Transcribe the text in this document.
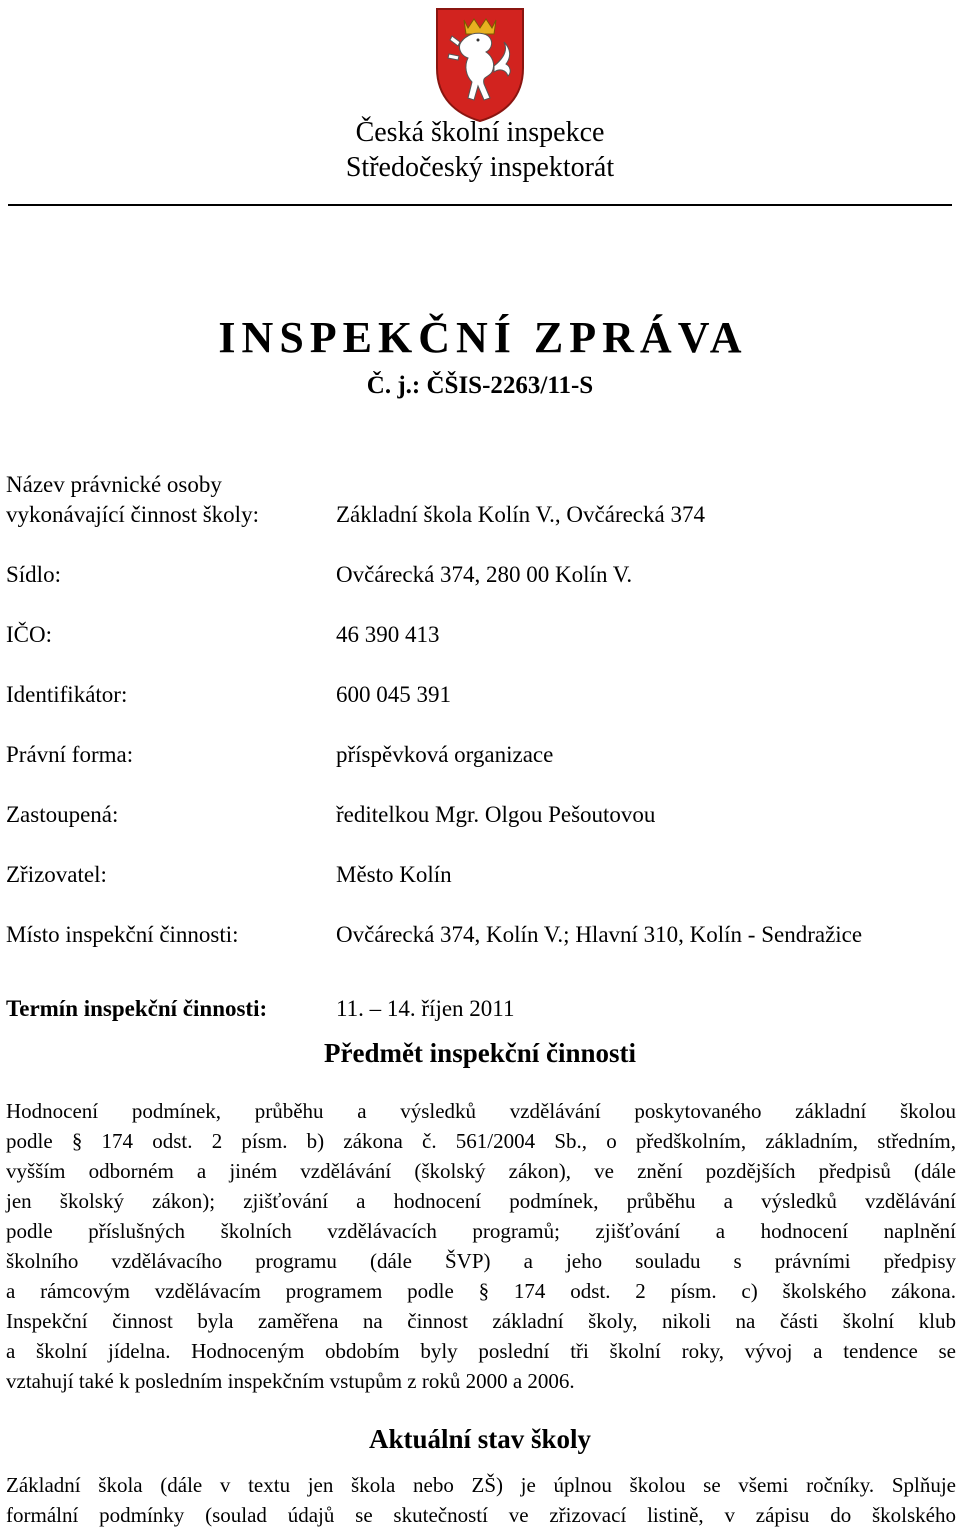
Česká školní inspekce
Středočeský inspektorát
INSPEKČNÍ ZPRÁVA
Č. j.: ČŠIS-2263/11-S
Název právnické osoby
vykonávající činnost školy:	Základní škola Kolín V., Ovčárecká 374
Sídlo:	Ovčárecká 374, 280 00 Kolín V.
IČO:	46 390 413
Identifikátor:	600 045 391
Právní forma:	příspěvková organizace
Zastoupená:	ředitelkou Mgr. Olgou Pešoutovou
Zřizovatel:	Město Kolín
Místo inspekční činnosti:	Ovčárecká 374, Kolín V.; Hlavní 310, Kolín - Sendražice
Termín inspekční činnosti:	11. – 14. říjen 2011
Předmět inspekční činnosti
Hodnocení podmínek, průběhu a výsledků vzdělávání poskytovaného základní školou
podle § 174 odst. 2 písm. b) zákona č. 561/2004 Sb., o předškolním, základním, středním,
vyšším odborném a jiném vzdělávání (školský zákon), ve znění pozdějších předpisů (dále
jen školský zákon); zjišťování a hodnocení podmínek, průběhu a výsledků vzdělávání
podle příslušných školních vzdělávacích programů; zjišťování a hodnocení naplnění
školního vzdělávacího programu (dále ŠVP) a jeho souladu s právními předpisy
a rámcovým vzdělávacím programem podle § 174 odst. 2 písm. c) školského zákona.
Inspekční činnost byla zaměřena na činnost základní školy, nikoli na části školní klub
a školní jídelna. Hodnoceným obdobím byly poslední tři školní roky, vývoj a tendence se
vztahují také k posledním inspekčním vstupům z roků 2000 a 2006.
Aktuální stav školy
Základní škola (dále v textu jen škola nebo ZŠ) je úplnou školou se všemi ročníky. Splňuje
formální podmínky (soulad údajů se skutečností ve zřizovací listině, v zápisu do školského
